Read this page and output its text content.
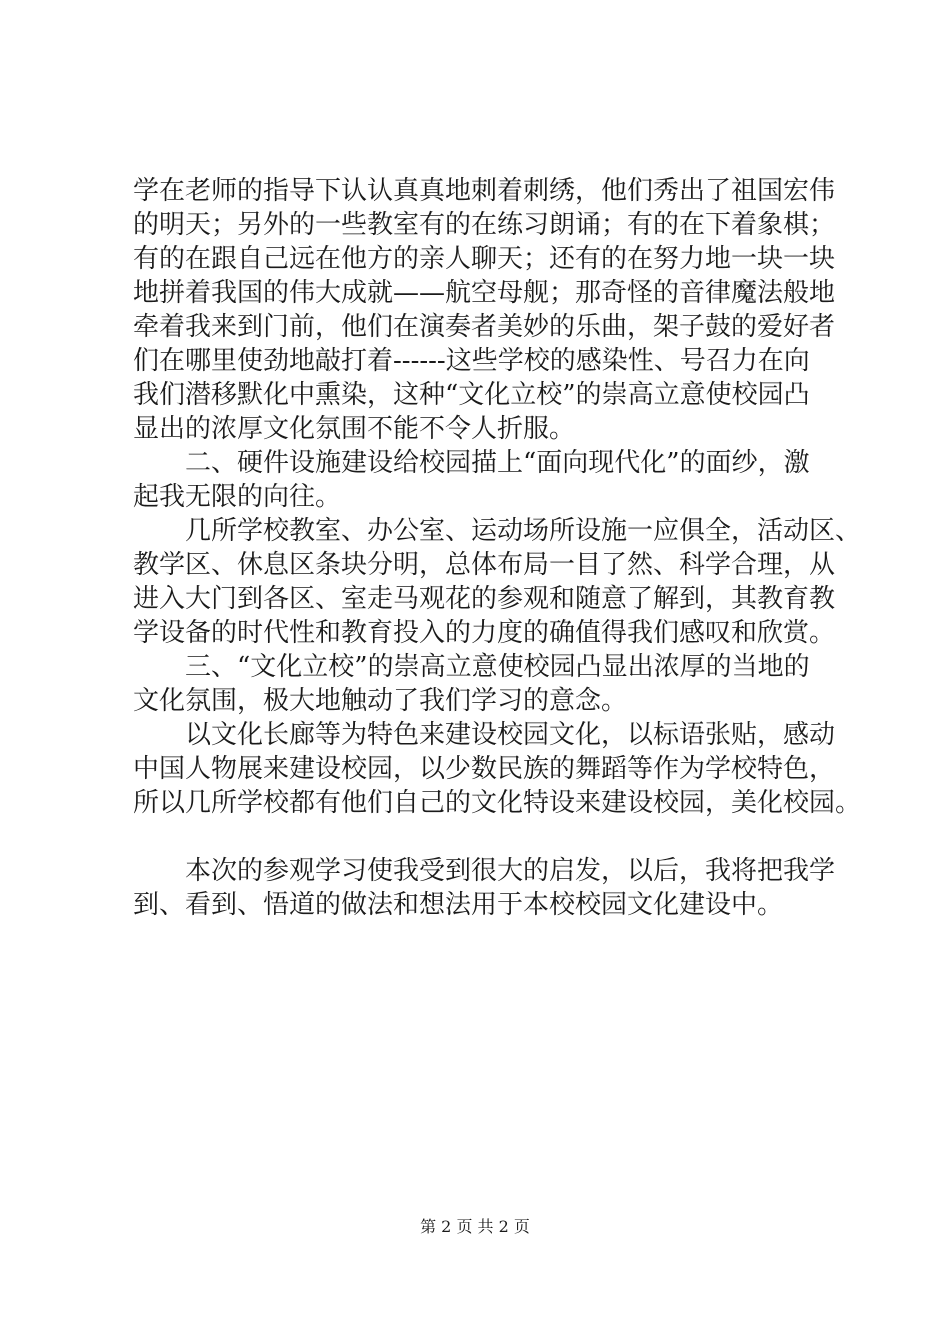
学在老师的指导下认认真真地刺着刺绣，他们秀出了祖国宏伟
的明天；另外的一些教室有的在练习朗诵；有的在下着象棋；
有的在跟自己远在他方的亲人聊天；还有的在努力地一块一块
地拼着我国的伟大成就——航空母舰；那奇怪的音律魔法般地
牵着我来到门前，他们在演奏者美妙的乐曲，架子鼓的爱好者
们在哪里使劲地敲打着------这些学校的感染性、号召力在向
我们潜移默化中熏染，这种“文化立校”的崇高立意使校园凸
显出的浓厚文化氛围不能不令人折服。
　　二、硬件设施建设给校园描上“面向现代化”的面纱，激
起我无限的向往。
　　几所学校教室、办公室、运动场所设施一应俱全，活动区、
教学区、休息区条块分明，总体布局一目了然、科学合理，从
进入大门到各区、室走马观花的参观和随意了解到，其教育教
学设备的时代性和教育投入的力度的确值得我们感叹和欣赏。
　　三、“文化立校”的崇高立意使校园凸显出浓厚的当地的
文化氛围，极大地触动了我们学习的意念。
　　以文化长廊等为特色来建设校园文化，以标语张贴，感动
中国人物展来建设校园，以少数民族的舞蹈等作为学校特色，
所以几所学校都有他们自己的文化特设来建设校园，美化校园。
　　本次的参观学习使我受到很大的启发，以后，我将把我学
到、看到、悟道的做法和想法用于本校校园文化建设中。
第 2 页 共 2 页
